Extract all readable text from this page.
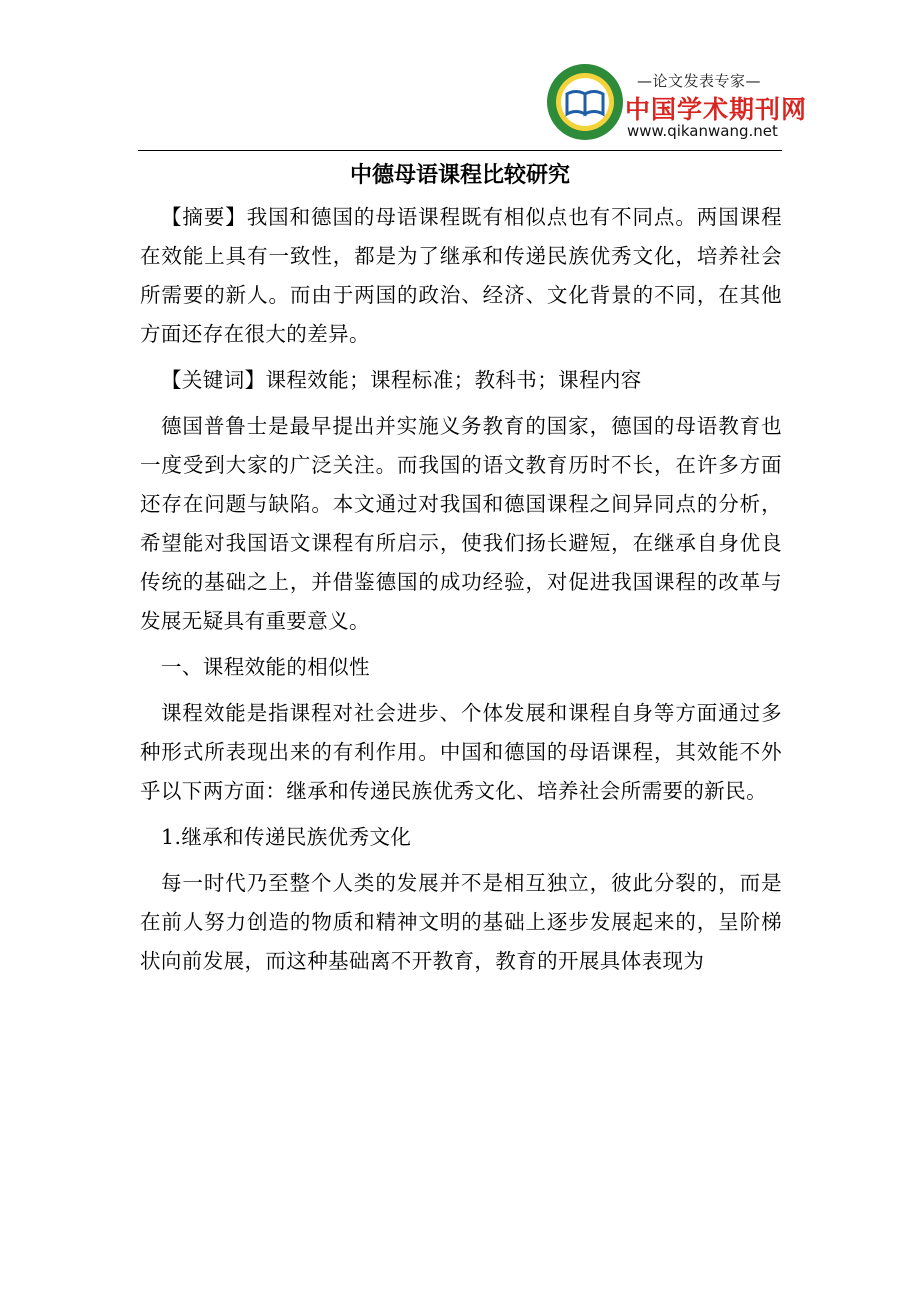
—论文发表专家—
中国学术期刊网
www.qikanwang.net
中德母语课程比较研究

【摘要】我国和德国的母语课程既有相似点也有不同点。两国课程在效能上具有一致性，都是为了继承和传递民族优秀文化，培养社会所需要的新人。而由于两国的政治、经济、文化背景的不同，在其他方面还存在很大的差异。

【关键词】课程效能；课程标准；教科书；课程内容

德国普鲁士是最早提出并实施义务教育的国家，德国的母语教育也一度受到大家的广泛关注。而我国的语文教育历时不长，在许多方面还存在问题与缺陷。本文通过对我国和德国课程之间异同点的分析，希望能对我国语文课程有所启示，使我们扬长避短，在继承自身优良传统的基础之上，并借鉴德国的成功经验，对促进我国课程的改革与发展无疑具有重要意义。

一、课程效能的相似性

课程效能是指课程对社会进步、个体发展和课程自身等方面通过多种形式所表现出来的有利作用。中国和德国的母语课程，其效能不外乎以下两方面：继承和传递民族优秀文化、培养社会所需要的新民。

1.继承和传递民族优秀文化

每一时代乃至整个人类的发展并不是相互独立，彼此分裂的，而是在前人努力创造的物质和精神文明的基础上逐步发展起来的，呈阶梯状向前发展，而这种基础离不开教育，教育的开展具体表现为
